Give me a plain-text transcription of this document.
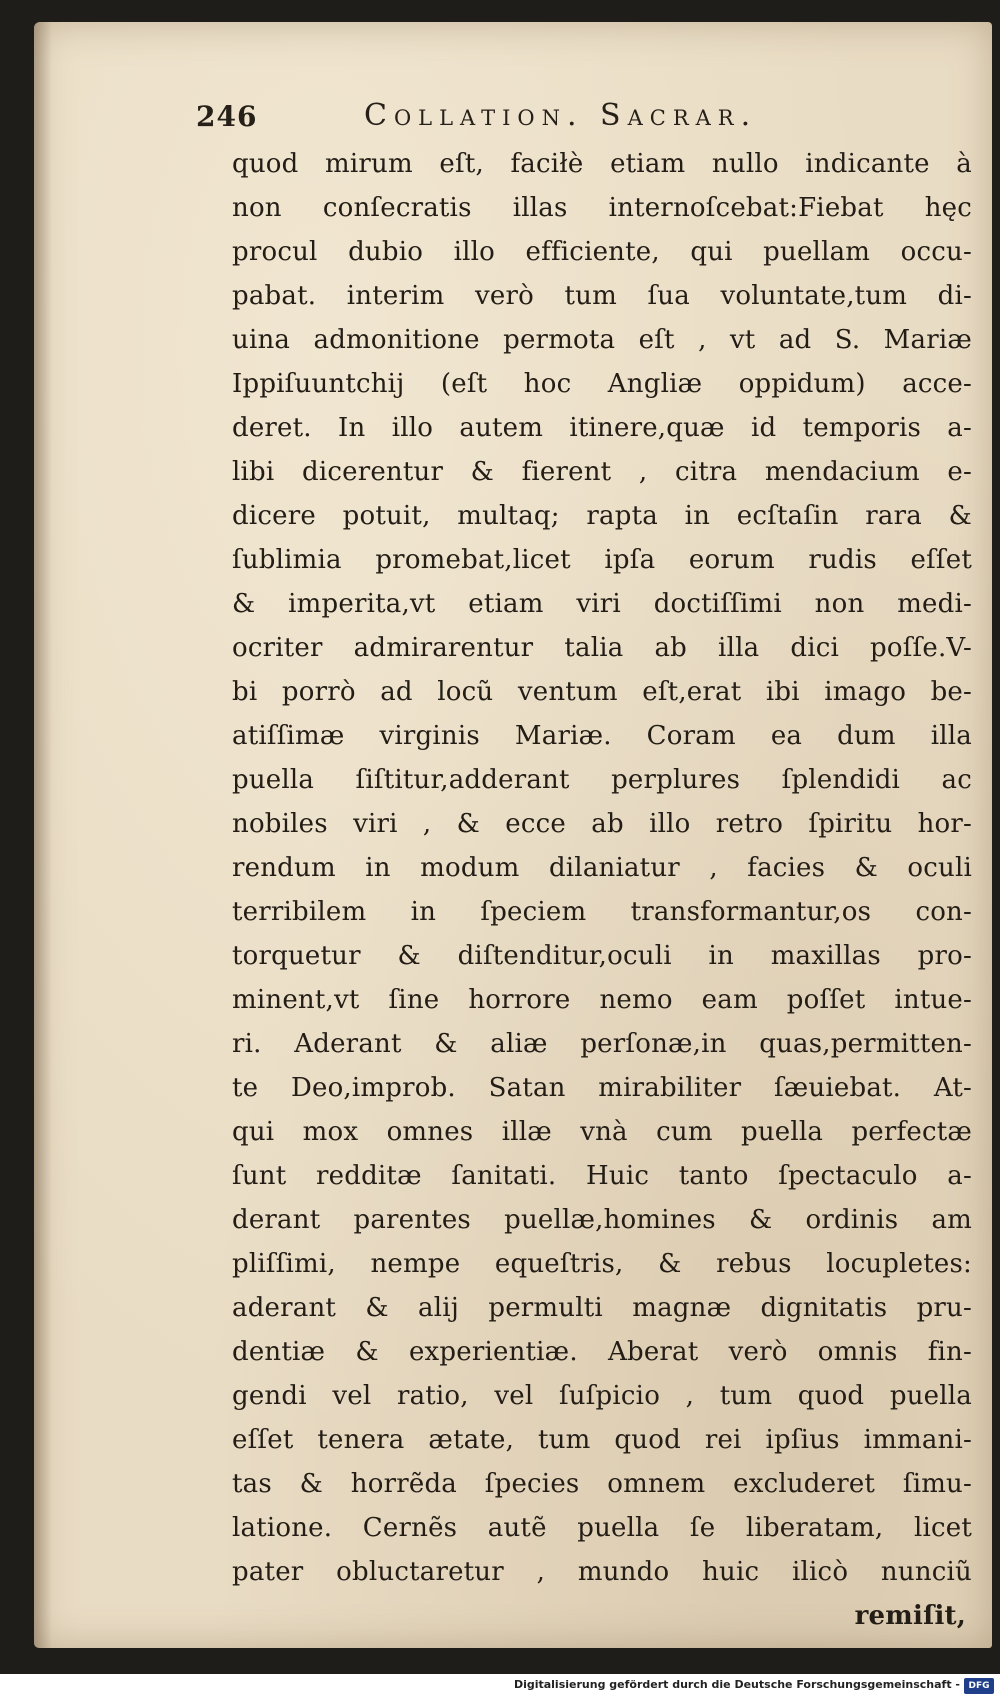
246	Collation. Sacrar.
quod mirum eſt, faciłè etiam nullo indicante à
non conſecratis illas internoſcebat:Fiebat hęc
procul dubio illo efficiente, qui puellam occu-
pabat. interim verò tum ſua voluntate,tum di-
uina admonitione permota eſt , vt ad S. Mariæ
Ippiſuuntchij (eſt hoc Angliæ oppidum) acce-
deret. In illo autem itinere,quæ id temporis a-
libi dicerentur & fierent , citra mendacium e-
dicere potuit, multaq; rapta in ecſtaſin rara &
ſublimia promebat,licet ipſa eorum rudis eſſet
& imperita,vt etiam viri doctiſſimi non medi-
ocriter admirarentur talia ab illa dici poſſe.V-
bi porrò ad locũ ventum eſt,erat ibi imago be-
atiſſimæ virginis Mariæ. Coram ea dum illa
puella ſiſtitur,adderant perplures ſplendidi ac
nobiles viri , & ecce ab illo retro ſpiritu hor-
rendum in modum dilaniatur , facies & oculi
terribilem in ſpeciem transformantur,os con-
torquetur & diſtenditur,oculi in maxillas pro-
minent,vt ſine horrore nemo eam poſſet intue-
ri. Aderant & aliæ perſonæ,in quas,permitten-
te Deo,improb. Satan mirabiliter ſæuiebat. At-
qui mox omnes illæ vnà cum puella perfectæ
ſunt redditæ ſanitati. Huic tanto ſpectaculo a-
derant parentes puellæ,homines & ordinis am
pliſſimi, nempe equeſtris, & rebus locupletes:
aderant & alij permulti magnæ dignitatis pru-
dentiæ & experientiæ. Aberat verò omnis fin-
gendi vel ratio, vel ſuſpicio , tum quod puella
eſſet tenera ætate, tum quod rei ipſius immani-
tas & horrẽda ſpecies omnem excluderet ſimu-
latione. Cernẽs autẽ puella ſe liberatam, licet
pater obluctaretur , mundo huic ilicò nunciũ
remiſit,
Digitalisierung gefördert durch die Deutsche Forschungsgemeinschaft - DFG
